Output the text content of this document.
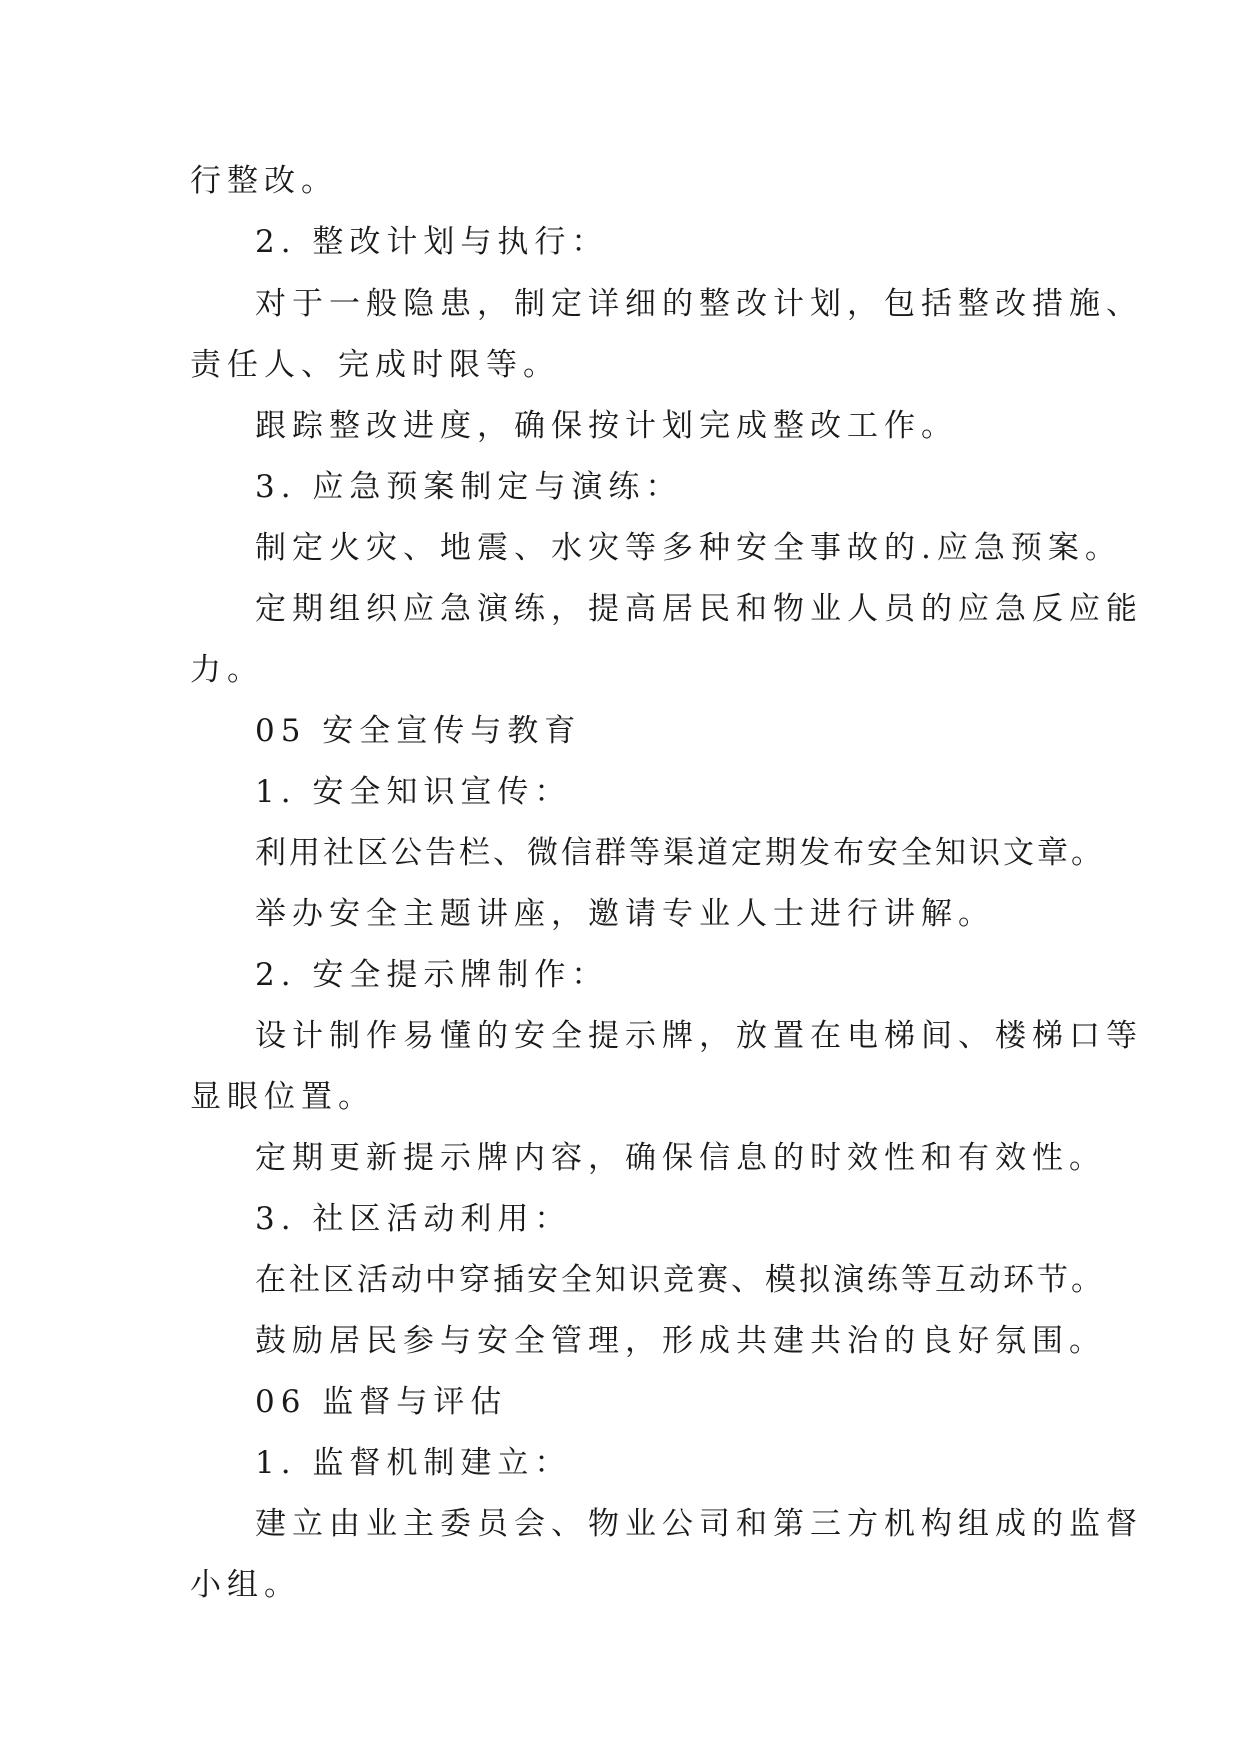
行整改。
2. 整改计划与执行：
对于一般隐患，制定详细的整改计划，包括整改措施、
责任人、完成时限等。
跟踪整改进度，确保按计划完成整改工作。
3. 应急预案制定与演练：
制定火灾、地震、水灾等多种安全事故的.应急预案。
定期组织应急演练，提高居民和物业人员的应急反应能
力。
05 安全宣传与教育
1. 安全知识宣传：
利用社区公告栏、微信群等渠道定期发布安全知识文章。
举办安全主题讲座，邀请专业人士进行讲解。
2. 安全提示牌制作：
设计制作易懂的安全提示牌，放置在电梯间、楼梯口等
显眼位置。
定期更新提示牌内容，确保信息的时效性和有效性。
3. 社区活动利用：
在社区活动中穿插安全知识竞赛、模拟演练等互动环节。
鼓励居民参与安全管理，形成共建共治的良好氛围。
06 监督与评估
1. 监督机制建立：
建立由业主委员会、物业公司和第三方机构组成的监督
小组。
